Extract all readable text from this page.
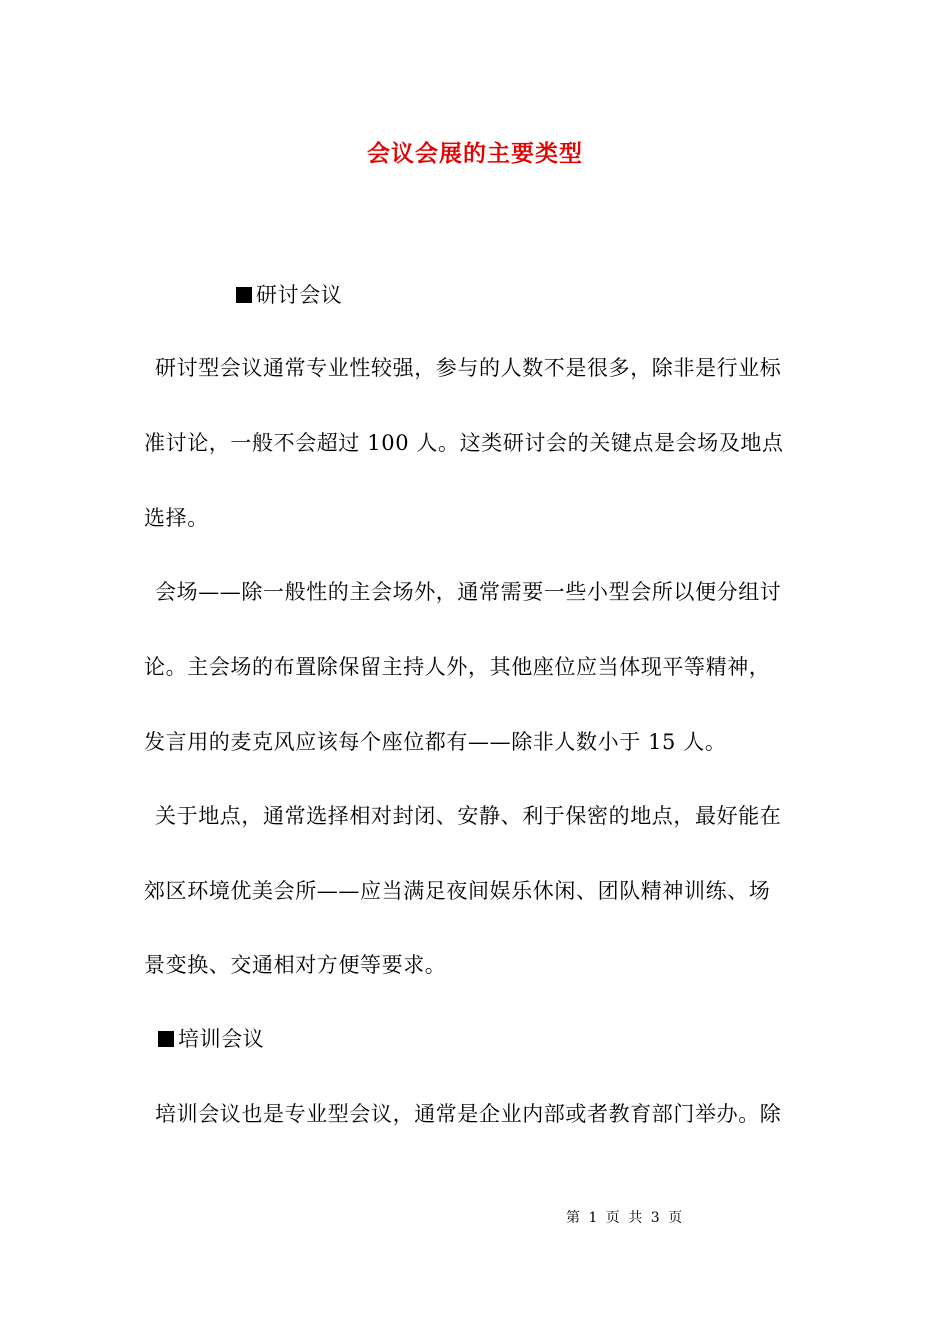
会议会展的主要类型
研讨会议
研讨型会议通常专业性较强，参与的人数不是很多，除非是行业标
准讨论，一般不会超过 100 人。这类研讨会的关键点是会场及地点
选择。
会场——除一般性的主会场外，通常需要一些小型会所以便分组讨
论。主会场的布置除保留主持人外，其他座位应当体现平等精神，
发言用的麦克风应该每个座位都有——除非人数小于 15 人。
关于地点，通常选择相对封闭、安静、利于保密的地点，最好能在
郊区环境优美会所——应当满足夜间娱乐休闲、团队精神训练、场
景变换、交通相对方便等要求。
培训会议
培训会议也是专业型会议，通常是企业内部或者教育部门举办。除
第 1 页 共 3 页
